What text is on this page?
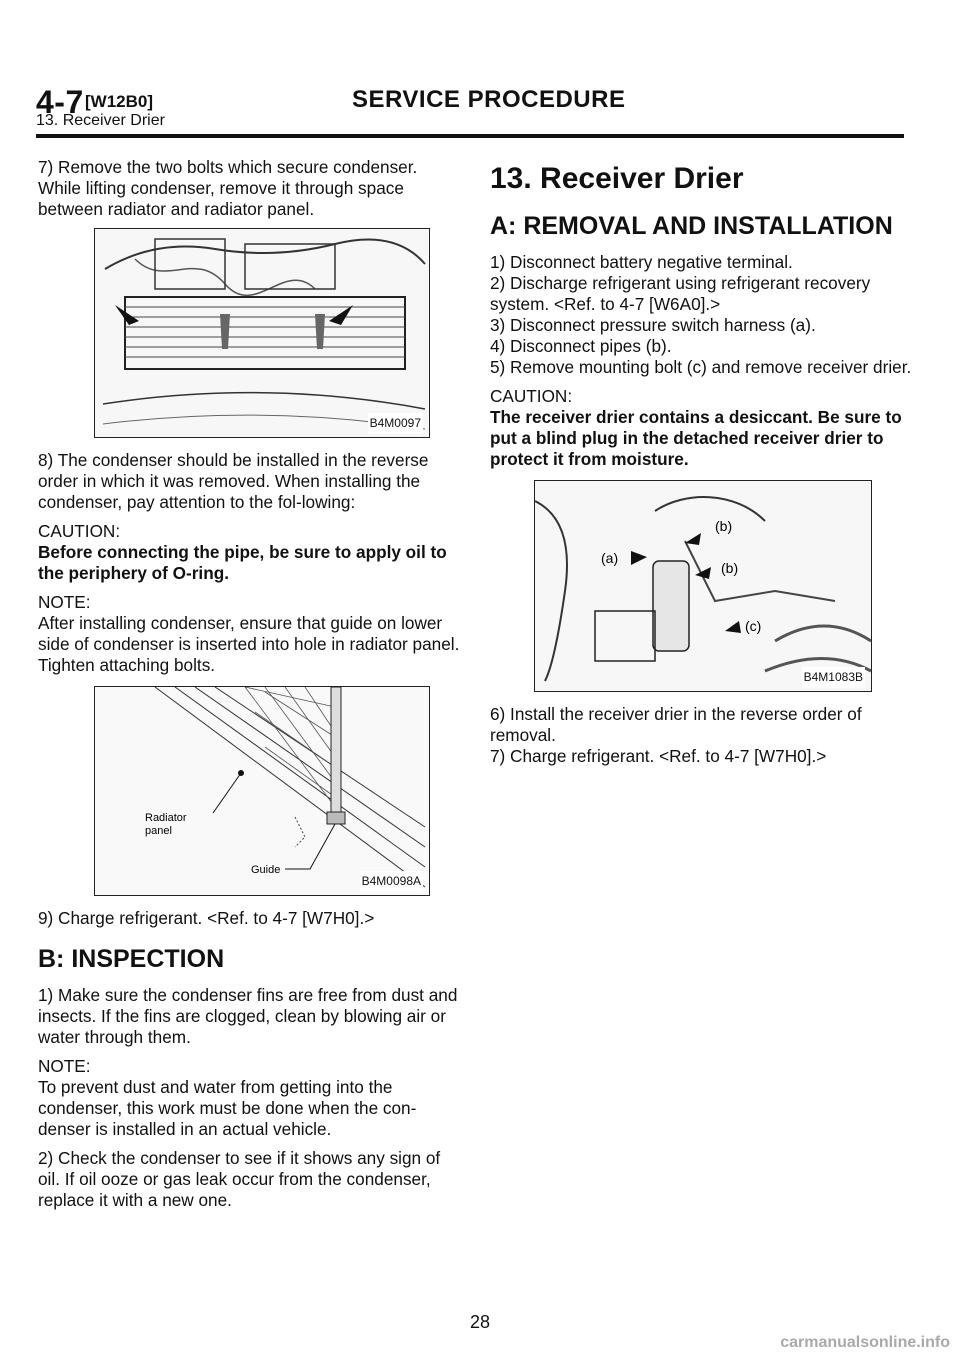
4-7 [W12B0]	SERVICE PROCEDURE
13. Receiver Drier

7) Remove the two bolts which secure condenser. While lifting condenser, remove it through space between radiator and radiator panel.

B4M0097

8) The condenser should be installed in the reverse order in which it was removed. When installing the condenser, pay attention to the fol-lowing:

CAUTION:
Before connecting the pipe, be sure to apply oil to the periphery of O-ring.

NOTE:
After installing condenser, ensure that guide on lower side of condenser is inserted into hole in radiator panel. Tighten attaching bolts.

Radiator
panel
Guide
B4M0098A

9) Charge refrigerant. <Ref. to 4-7 [W7H0].>

B: INSPECTION

1) Make sure the condenser fins are free from dust and insects. If the fins are clogged, clean by blowing air or water through them.

NOTE:
To prevent dust and water from getting into the condenser, this work must be done when the con-denser is installed in an actual vehicle.

2) Check the condenser to see if it shows any sign of oil. If oil ooze or gas leak occur from the condenser, replace it with a new one.

13. Receiver Drier
A: REMOVAL AND INSTALLATION

1) Disconnect battery negative terminal.
2) Discharge refrigerant using refrigerant recovery system. <Ref. to 4-7 [W6A0].>
3) Disconnect pressure switch harness (a).
4) Disconnect pipes (b).
5) Remove mounting bolt (c) and remove receiver drier.

CAUTION:
The receiver drier contains a desiccant. Be sure to put a blind plug in the detached receiver drier to protect it from moisture.

(a)
(b)
(b)
(c)
B4M1083B

6) Install the receiver drier in the reverse order of removal.
7) Charge refrigerant. <Ref. to 4-7 [W7H0].>

28
carmanualsonline.info
